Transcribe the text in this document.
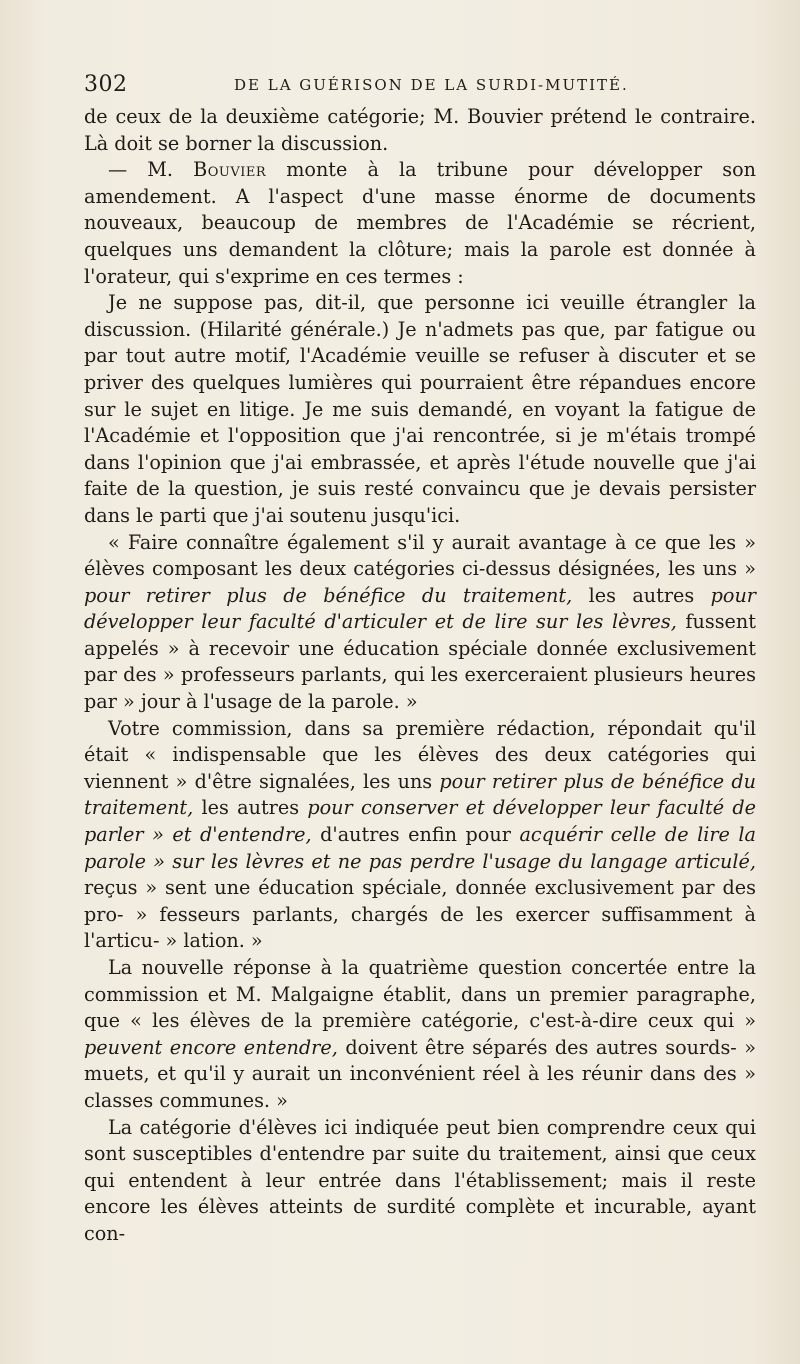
302	DE LA GUÉRISON DE LA SURDI-MUTITÉ.

de ceux de la deuxième catégorie; M. Bouvier prétend le contraire. Là doit se borner la discussion.

— M. Bouvier monte à la tribune pour développer son amendement. A l'aspect d'une masse énorme de documents nouveaux, beaucoup de membres de l'Académie se récrient, quelques uns demandent la clôture; mais la parole est donnée à l'orateur, qui s'exprime en ces termes :

Je ne suppose pas, dit-il, que personne ici veuille étrangler la discussion. (Hilarité générale.) Je n'admets pas que, par fatigue ou par tout autre motif, l'Académie veuille se refuser à discuter et se priver des quelques lumières qui pourraient être répandues encore sur le sujet en litige. Je me suis demandé, en voyant la fatigue de l'Académie et l'opposition que j'ai rencontrée, si je m'étais trompé dans l'opinion que j'ai embrassée, et après l'étude nouvelle que j'ai faite de la question, je suis resté convaincu que je devais persister dans le parti que j'ai soutenu jusqu'ici.

« Faire connaître également s'il y aurait avantage à ce que les » élèves composant les deux catégories ci-dessus désignées, les uns » pour retirer plus de bénéfice du traitement, les autres pour développer leur faculté d'articuler et de lire sur les lèvres, fussent appelés » à recevoir une éducation spéciale donnée exclusivement par des » professeurs parlants, qui les exerceraient plusieurs heures par » jour à l'usage de la parole. »

Votre commission, dans sa première rédaction, répondait qu'il était « indispensable que les élèves des deux catégories qui viennent » d'être signalées, les uns pour retirer plus de bénéfice du traitement, les autres pour conserver et développer leur faculté de parler » et d'entendre, d'autres enfin pour acquérir celle de lire la parole » sur les lèvres et ne pas perdre l'usage du langage articulé, reçus » sent une éducation spéciale, donnée exclusivement par des pro- » fesseurs parlants, chargés de les exercer suffisamment à l'articu- » lation. »

La nouvelle réponse à la quatrième question concertée entre la commission et M. Malgaigne établit, dans un premier paragraphe, que « les élèves de la première catégorie, c'est-à-dire ceux qui » peuvent encore entendre, doivent être séparés des autres sourds- » muets, et qu'il y aurait un inconvénient réel à les réunir dans des » classes communes. »

La catégorie d'élèves ici indiquée peut bien comprendre ceux qui sont susceptibles d'entendre par suite du traitement, ainsi que ceux qui entendent à leur entrée dans l'établissement; mais il reste encore les élèves atteints de surdité complète et incurable, ayant con-
